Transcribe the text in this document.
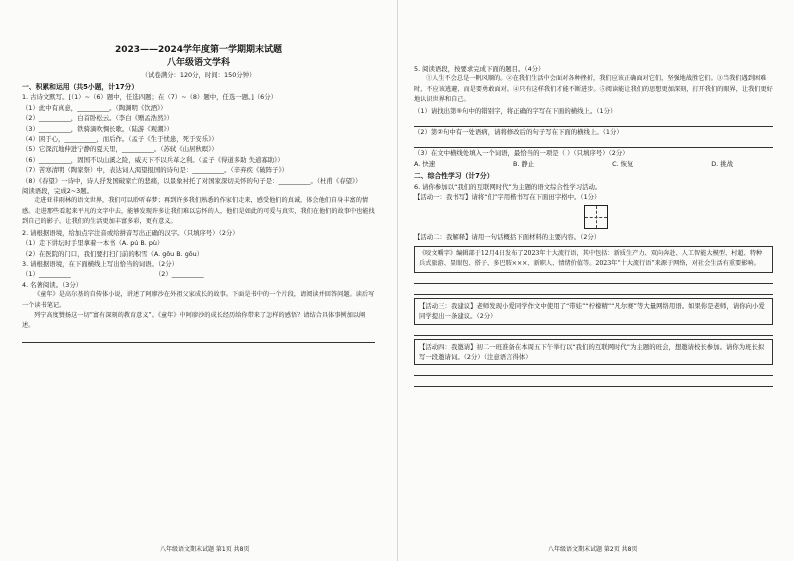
2023——2024学年度第一学期期末试题
八年级语文学科
（试卷满分：120分，时间：150分钟）
一、积累和运用（共5小题，计17分）
1. 古诗文默写。[（1）~（6）题中，任选四题；在（7）~（8）题中，任选一题。]（6分）
（1）此中有真意，__________。（陶渊明《饮酒》）
（2）__________，白首卧松云。（李白《赠孟浩然》）
（3）__________，铁骑滴吹惆长歌。（陆游《观潮》）
（4）困于心，__________，而后作。（孟子《生于忧患，死于安乐》）
（5）它深沉地伸进宁静的夏天里，__________。（苏轼《山居秋暝》）
（6）__________，固国不以山溪之险，威天下不以兵革之利。（孟子《得道多助 失道寡助》）
（7）苦寒清明（陶家祭）中，表达词人渴望报国的诗句是：__________。（辛弃疾《破阵子》）
（8）《春望》一诗中，诗人抒发国破家亡的悲痛，以景象衬托了对国家深切关怀的句子是：__________。（杜甫《春望》）
阅读语段，完成2~3题。
走进亚非雨林的语文世界，我们可以聆听春梦；再到许多我们熟悉的作家们走来，感受他们的真诚，体会他们自身丰富的情感。走进那些看起来平凡的文字中去，能够发现许多让我们难以忘怀的人，他们是如此的可爱与真实，我们在他们的故事中也能找到自己的影子。让我们的生活更加丰富多彩，更有意义。
2. 请根据语境，给加点字注音或给拼音写出正确的汉字。（只填序号）（2分）
（1）走下讲坛时手里拿着一本书（A. pú B. pù）
（2）在医院的门口，我们要打扫门前的积雪（A. gōu B. gōu）
3. 请根据语境，在下面横线上写出恰当的词语。（2分）
（1）__________	（2）__________
4. 名著阅读。（3分）
《童年》是高尔基的自传体小说，讲述了阿廖沙在外祖父家成长的故事。下面是书中的一个片段，请阅读并回答问题。读后写一个读书笔记。
列宁高度赞扬这一切“富有深刻的教育意义”。《童年》中阿廖沙的成长经历给你带来了怎样的感悟？请结合具体事例加以阐述。
八年级语文期末试题 第1页 共8页
5. 阅读语段，按要求完成下面的题目。（4分）
①人生不会总是一帆风顺的。②在我们生活中会面对各种挫折，我们应该正确面对它们，坚强地战胜它们。③当我们遇到困难时，不应该逃避，而是要勇敢面对。④只有这样我们才能不断进步。⑤阅读能让我们的思想更加深刻，打开我们的眼界，让我们更好地认识世界和自己。
（1）请找出第⑤句中的错别字，将正确的字写在下面的横线上。（1分）
（2）第②句中有一处语病，请将修改后的句子写在下面的横线上。（1分）
（3）在文中横线处填入一个词语，最恰当的一项是（ ）（只填序号）（2分）
A. 快速	B. 静止	C. 恢复	D. 挑战
二、综合性学习（计7分）
6. 请你参加以“我们的互联网时代”为主题的语文综合性学习活动。
【活动一：我书写】请将“们”字用楷书写在下面田字格中。（1分）
【活动二：我解释】请用一句话概括下面材料的主要内容。（2分）
《咬文嚼字》编辑部于12月4日发布了2023年十大流行语，其中包括：新质生产力、双向奔赴、人工智能大模型、村超、特种兵式旅游、显眼包、搭子、多巴胺×××、新职人、情绪价值等。2023年“十大流行语”来源于网络，对社会生活有重要影响。
【活动三：我建议】老师发现小爱同学作文中使用了“带娃”“柠檬精”“凡尔赛”等大量网络用语。如果你是老师，请你向小爱同学提出一条建议。（2分）
【活动四：我邀请】初二一班准备在本周五下午举行以“我们的互联网时代”为主题的班会，想邀请校长参加。请你为班长拟写一段邀请词。（2分）（注意语言得体）
八年级语文期末试题 第2页 共8页
